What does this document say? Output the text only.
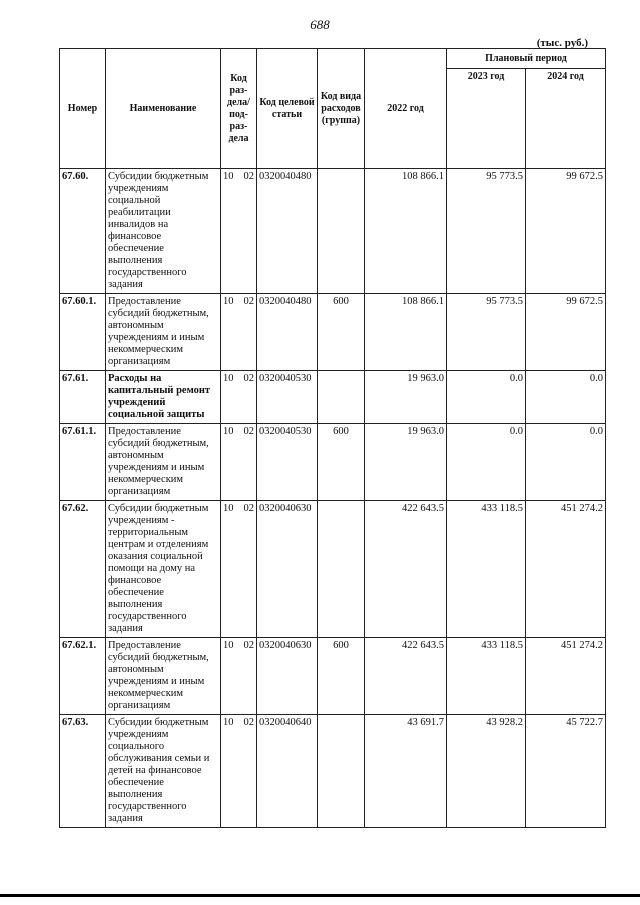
688
(тыс. руб.)
Номер	Наименование	Код раз-дела/ под-раз-дела	Код целевой статьи	Код вида расходов (группа)	2022 год	Плановый период	
						2023 год	2024 год
67.60.	Субсидии бюджетным учреждениям социальной реабилитации инвалидов на финансовое обеспечение выполнения государственного задания	10 02	0320040480		108 866.1	95 773.5	99 672.5
67.60.1.	Предоставление субсидий бюджетным, автономным учреждениям и иным некоммерческим организациям	10 02	0320040480	600	108 866.1	95 773.5	99 672.5
67.61.	Расходы на капитальный ремонт учреждений социальной защиты	10 02	0320040530		19 963.0	0.0	0.0
67.61.1.	Предоставление субсидий бюджетным, автономным учреждениям и иным некоммерческим организациям	10 02	0320040530	600	19 963.0	0.0	0.0
67.62.	Субсидии бюджетным учреждениям - территориальным центрам и отделениям оказания социальной помощи на дому на финансовое обеспечение выполнения государственного задания	10 02	0320040630		422 643.5	433 118.5	451 274.2
67.62.1.	Предоставление субсидий бюджетным, автономным учреждениям и иным некоммерческим организациям	10 02	0320040630	600	422 643.5	433 118.5	451 274.2
67.63.	Субсидии бюджетным учреждениям социального обслуживания семьи и детей на финансовое обеспечение выполнения государственного задания	10 02	0320040640		43 691.7	43 928.2	45 722.7
